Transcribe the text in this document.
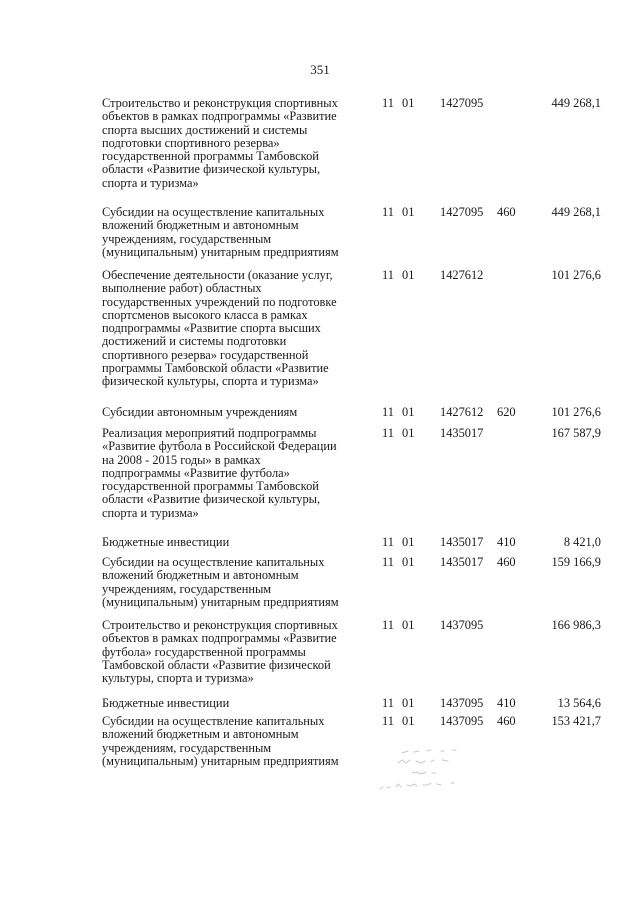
351
Строительство и реконструкция спортивных
объектов в рамках подпрограммы «Развитие
спорта высших достижений и системы
подготовки спортивного резерва»
государственной программы Тамбовской
области «Развитие физической культуры,
спорта и туризма»
11 01 1427095	449 268,1
Субсидии на осуществление капитальных
вложений бюджетным и автономным
учреждениям, государственным
(муниципальным) унитарным предприятиям
11 01 1427095 460	449 268,1
Обеспечение деятельности (оказание услуг,
выполнение работ) областных
государственных учреждений по подготовке
спортсменов высокого класса в рамках
подпрограммы «Развитие спорта высших
достижений и системы подготовки
спортивного резерва» государственной
программы Тамбовской области «Развитие
физической культуры, спорта и туризма»
11 01 1427612	101 276,6
Субсидии автономным учреждениям	11 01 1427612 620	101 276,6
Реализация мероприятий подпрограммы
«Развитие футбола в Российской Федерации
на 2008 - 2015 годы» в рамках
подпрограммы «Развитие футбола»
государственной программы Тамбовской
области «Развитие физической культуры,
спорта и туризма»
11 01 1435017	167 587,9
Бюджетные инвестиции	11 01 1435017 410	8 421,0
Субсидии на осуществление капитальных
вложений бюджетным и автономным
учреждениям, государственным
(муниципальным) унитарным предприятиям
11 01 1435017 460	159 166,9
Строительство и реконструкция спортивных
объектов в рамках подпрограммы «Развитие
футбола» государственной программы
Тамбовской области «Развитие физической
культуры, спорта и туризма»
11 01 1437095	166 986,3
Бюджетные инвестиции	11 01 1437095 410	13 564,6
Субсидии на осуществление капитальных
вложений бюджетным и автономным
учреждениям, государственным
(муниципальным) унитарным предприятиям
11 01 1437095 460	153 421,7
